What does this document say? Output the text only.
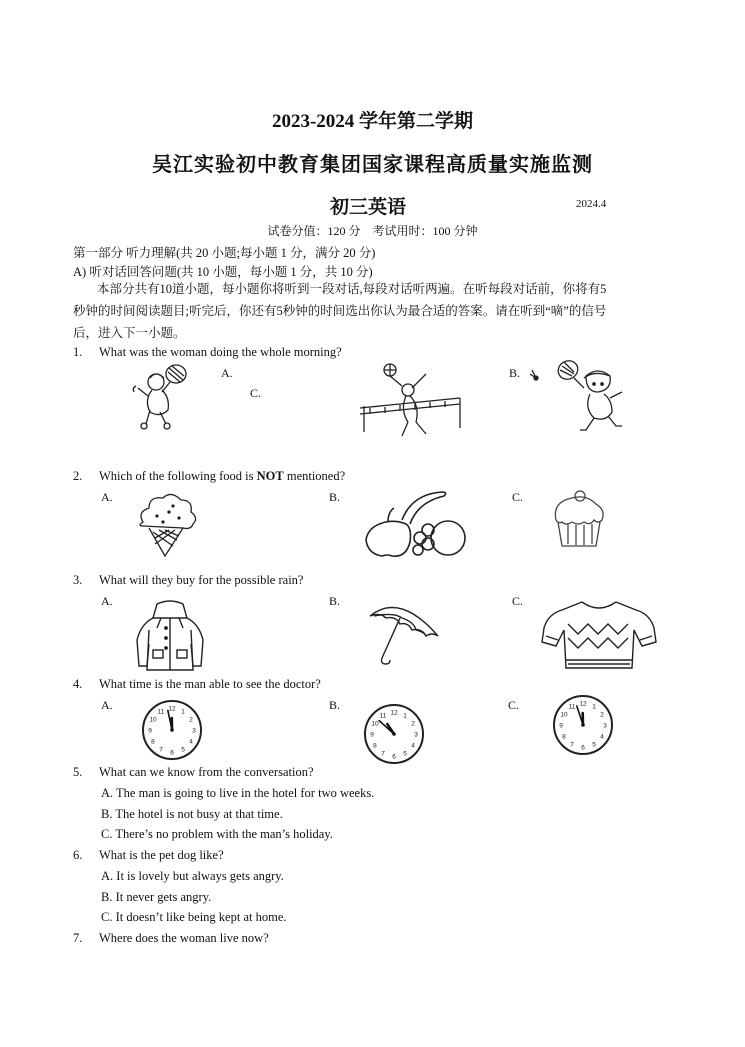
2023-2024 学年第二学期
吴江实验初中教育集团国家课程高质量实施监测
初三英语	2024.4
试卷分值：120 分　考试用时：100 分钟
第一部分 听力理解(共 20 小题;每小题 1 分，满分 20 分)
A) 听对话回答问题(共 10 小题，每小题 1 分，共 10 分)
本部分共有10道小题，每小题你将听到一段对话,每段对话听两遍。在听每段对话前，你将有5
秒钟的时间阅读题目;听完后，你还有5秒钟的时间选出你认为最合适的答案。请在听到“嘀”的信号
后，进入下一小题。
1. What was the woman doing the whole morning?
A.	B.
C.
2. Which of the following food is NOT mentioned?
A.	B.	C.
3. What will they buy for the possible rain?
A.	B.	C.
4. What time is the man able to see the doctor?
A.	B.	C.
1
2
3
4
5
6
7
8
9
10
11 12
1
2
3
4
5
6
7
8
9
10
11 12
1
2
3
4
5
6
7
8
9
10
11 12
5. What can we know from the conversation?
A. The man is going to live in the hotel for two weeks.
B. The hotel is not busy at that time.
C. There’s no problem with the man’s holiday.
6. What is the pet dog like?
A. It is lovely but always gets angry.
B. It never gets angry.
C. It doesn’t like being kept at home.
7. Where does the woman live now?
